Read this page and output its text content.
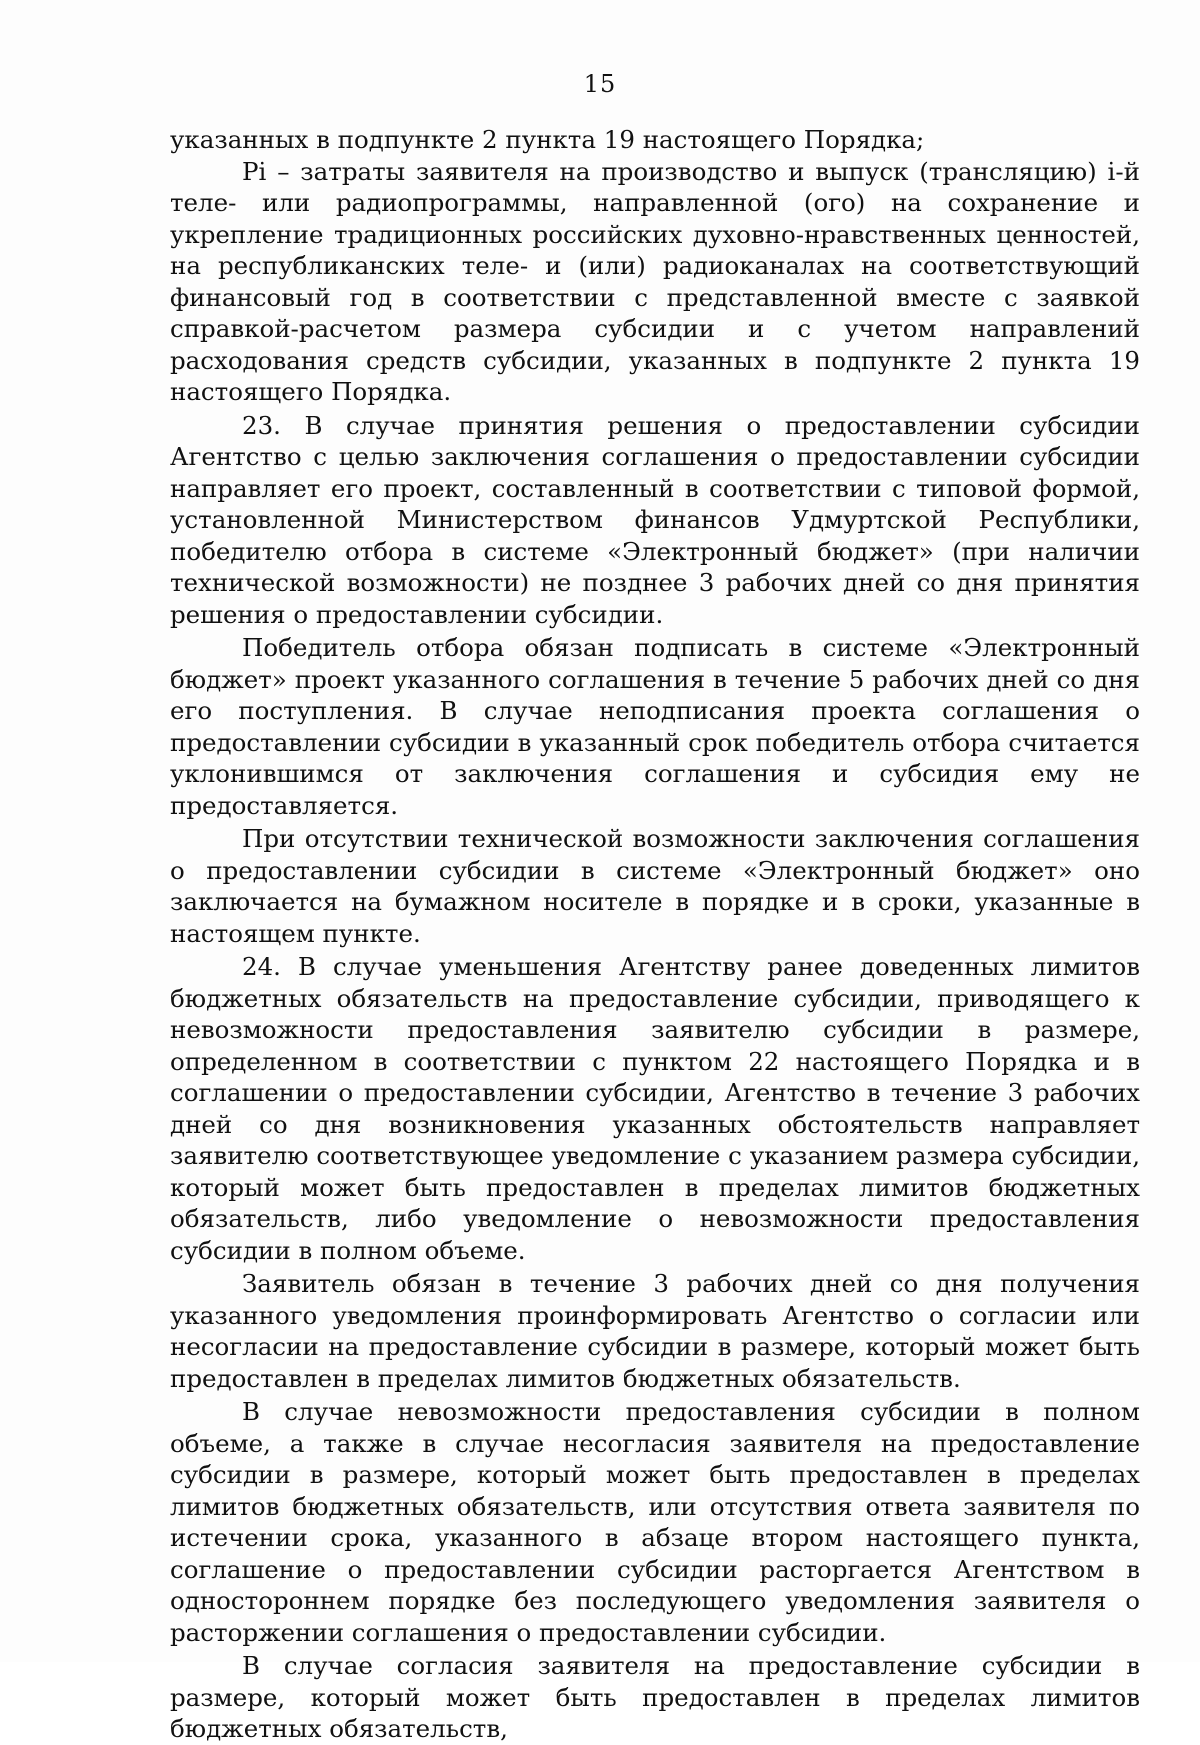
15

указанных в подпункте 2 пункта 19 настоящего Порядка;

Pi – затраты заявителя на производство и выпуск (трансляцию) i-й теле- или радиопрограммы, направленной (ого) на сохранение и укрепление традиционных российских духовно-нравственных ценностей, на республиканских теле- и (или) радиоканалах на соответствующий финансовый год в соответствии с представленной вместе с заявкой справкой-расчетом размера субсидии и с учетом направлений расходования средств субсидии, указанных в подпункте 2 пункта 19 настоящего Порядка.

23. В случае принятия решения о предоставлении субсидии Агентство с целью заключения соглашения о предоставлении субсидии направляет его проект, составленный в соответствии с типовой формой, установленной Министерством финансов Удмуртской Республики, победителю отбора в системе «Электронный бюджет» (при наличии технической возможности) не позднее 3 рабочих дней со дня принятия решения о предоставлении субсидии.

Победитель отбора обязан подписать в системе «Электронный бюджет» проект указанного соглашения в течение 5 рабочих дней со дня его поступления. В случае неподписания проекта соглашения о предоставлении субсидии в указанный срок победитель отбора считается уклонившимся от заключения соглашения и субсидия ему не предоставляется.

При отсутствии технической возможности заключения соглашения о предоставлении субсидии в системе «Электронный бюджет» оно заключается на бумажном носителе в порядке и в сроки, указанные в настоящем пункте.

24. В случае уменьшения Агентству ранее доведенных лимитов бюджетных обязательств на предоставление субсидии, приводящего к невозможности предоставления заявителю субсидии в размере, определенном в соответствии с пунктом 22 настоящего Порядка и в соглашении о предоставлении субсидии, Агентство в течение 3 рабочих дней со дня возникновения указанных обстоятельств направляет заявителю соответствующее уведомление с указанием размера субсидии, который может быть предоставлен в пределах лимитов бюджетных обязательств, либо уведомление о невозможности предоставления субсидии в полном объеме.

Заявитель обязан в течение 3 рабочих дней со дня получения указанного уведомления проинформировать Агентство о согласии или несогласии на предоставление субсидии в размере, который может быть предоставлен в пределах лимитов бюджетных обязательств.

В случае невозможности предоставления субсидии в полном объеме, а также в случае несогласия заявителя на предоставление субсидии в размере, который может быть предоставлен в пределах лимитов бюджетных обязательств, или отсутствия ответа заявителя по истечении срока, указанного в абзаце втором настоящего пункта, соглашение о предоставлении субсидии расторгается Агентством в одностороннем порядке без последующего уведомления заявителя о расторжении соглашения о предоставлении субсидии.

В случае согласия заявителя на предоставление субсидии в размере, который может быть предоставлен в пределах лимитов бюджетных обязательств,
